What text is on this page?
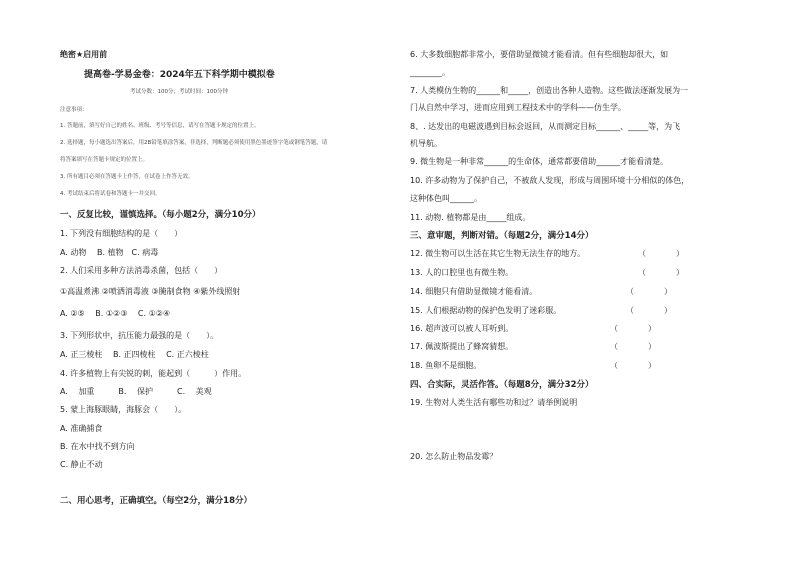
绝密★启用前
提高卷-学易金卷：2024年五下科学期中模拟卷
考试分数：100分；考试时间：100分钟
注意事项：
1. 答题前，填写好自己的姓名、班级、考号等信息，请写在答题卡规定的位置上。
2. 选择题，每小题选出答案后，用2B铅笔填涂答案，非选择，判断题必须使用黑色墨迹签字笔或钢笔答题，请
将答案填写在答题卡规定的位置上。
3. 所有题目必须在答题卡上作答，在试卷上作答无效。
4. 考试结束后将试卷和答题卡一并交回。
一、反复比较，谨慎选择。（每小题2分，满分10分）
1. 下列没有细胞结构的是（　　）
A. 动物　 B. 植物　C. 病毒
2. 人们采用多种方法消毒杀菌，包括（　　）
①高温煮沸 ②喷洒消毒液 ③腌制食物 ④紫外线照射
A. ②⑤　 B. ①②③　 C. ①②④
3. 下列形状中，抗压能力最强的是（　　）。
A. 正三棱柱　 B. 正四棱柱　 C. 正六棱柱
4. 许多植物上有尖锐的刺，能起到（　　　）作用。
A. 　加重　　　B. 　保护　　　C. 　美观
5. 蒙上海豚眼睛，海豚会（　　）。
A. 准确捕食
B. 在水中找不到方向
C. 静止不动
二、用心思考，正确填空。（每空2分，满分18分）
6. 大多数细胞都非常小，要借助显微镜才能看清。但有些细胞却很大，如
________。
7. 人类模仿生物的______和_____，创造出各种人造物。这些做法逐渐发展为一
门从自然中学习，进而应用到工程技术中的学科——仿生学。
8、. 达发出的电磁波遇到目标会返回，从而测定目标______、_____等，为飞
机导航。
9. 微生物是一种非常______的生命体，通常都要借助______才能看清楚。
10. 许多动物为了保护自己，不被敌人发现，形成与周围环境十分相似的体色，
这种体色叫______。
11. 动物. 植物都是由_____组成。
三、意审题，判断对错。（每题2分，满分14分）
12. 微生物可以生活在其它生物无法生存的地方。	（	）
13. 人的口腔里也有微生物。	（	）
14. 细胞只有借助显微镜才能看清。	（	）
15. 人们根据动物的保护色发明了迷彩服。	（	）
16. 超声波可以被人耳听到。	（	）
17. 佩波斯提出了蜂窝猜想。	（	）
18. 鱼卵不是细胞。	（	）
四、合实际，灵活作答。（每题8分，满分32分）
19. 生物对人类生活有哪些功和过？请举例说明
20. 怎么防止物品发霉？
